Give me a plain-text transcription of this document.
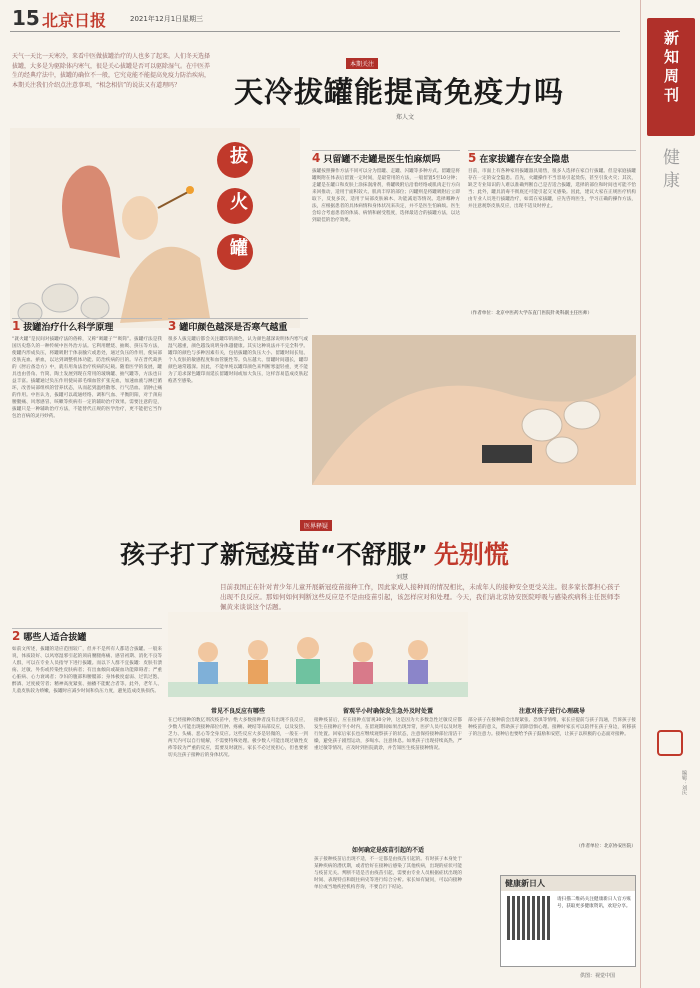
15 北京日报	2021年12月1日 星期三
新知周刊
健康
编辑：刘庆
天气一天比一天寒冷，来看中医做拔罐治疗的人也多了起来。人们冬天选择拔罐，大多是为驱除体内寒气，很是关心拔罐是否可以驱除湿气。在中医养生的经典疗法中，拔罐的确位不一般，它究竟能不能提高免疫力防治疾病，本期关注我们介绍点注意事项，“相念相信”的说法又有道理吗？
本期关注
天冷拔罐能提高免疫力吗
郑人文
拔火罐
1 拔罐治疗什么科学原理
“就火罐”是民间对拔罐疗法的俗称，又称“吸罐子”“吸筒”。拔罐疗法是我国历史悠久的一种传统中医外治方法。它利用燃烧、抽吸、挤压等方法，使罐内形成负压，将罐吸附于体表腧穴或患处，通过负压的作用，使局部皮肤充血、瘀血，以达到调整机体功能、防治疾病的目的。早在晋代葛洪的《肘后备急方》中，就有用角法治疗疾病的记载。随着医学的发展，罐具也由兽角、竹筒、陶土发展到现在常用的玻璃罐、抽气罐等，方法也日益丰富。拔罐通过负压作用使局部毛细血管扩张充血，加速血液与淋巴循环，改善局部组织的营养状态，从而起到温经散寒、行气活血、消肿止痛的作用。中医认为，拔罐可以疏通经络、调和气血、平衡阴阳，对于颈肩腰腿痛、风寒感冒、咳嗽等疾病有一定的辅助治疗效果。需要注意的是，拔罐只是一种辅助治疗方法，不能替代正规的医学治疗，更不能把它当作包治百病的灵丹妙药。
2 哪些人适合拔罐
如前文所述，拔罐的适应范围较广，但并不是所有人都适合拔罐。一般来说，体质较好、以风寒湿邪引起的颈肩腰腿疼痛、感冒初期、消化不良等人群，可以在专业人员指导下进行拔罐。而以下人群不宜拔罐：皮肤有溃疡、过敏、外伤或传染性皮肤病者；有出血倾向或凝血功能障碍者；严重心脏病、心力衰竭者；孕妇的腹部和腰骶部；身体极度虚弱、过饥过饱、醉酒、过度疲劳者；精神高度紧张、抽搐不能配合者等。此外，老年人、儿童皮肤较为娇嫩，拔罐时应减少时间和负压力度，避免造成皮肤损伤。
3 罐印颜色越深是否寒气越重
很多人拔完罐后都会关注罐印的颜色，认为颜色越深说明体内寒气或湿气越重，颜色越浅说明身体越健康。其实这种说法并不完全科学。罐印的颜色与多种因素有关，包括拔罐的负压大小、留罐时间长短、个人皮肤的敏感程度和血管脆性等。负压越大、留罐时间越长，罐印颜色通常越深。因此，不能单纯以罐印颜色来判断寒湿轻重，更不能为了追求深色罐印而延长留罐时间或加大负压，这样容易造成皮肤起疱甚至感染。
4 只留罐不走罐是医生怕麻烦吗
拔罐按照操作方法不同可以分为留罐、走罐、闪罐等多种方式。留罐是将罐吸附在体表后留置一定时间，是最常用的方法，一般留置5至10分钟；走罐是在罐口和皮肤上涂抹润滑剂，将罐吸附后沿着经络或肌肉走行方向来回推动，适用于面积较大、肌肉丰厚的部位；闪罐则是将罐吸附后立即取下，反复多次，适用于局部皮肤麻木、功能减退等情况。选择哪种方法，应根据患者的具体病情和身体状况来决定，并不是医生怕麻烦。医生会综合考虑患者的体质、病情和耐受程度，选择最适合的拔罐方法，以达到最佳的治疗效果。
5 在家拔罐存在安全隐患
目前，市面上有各种家用拔罐器具销售，很多人选择在家自行拔罐。但是家庭拔罐存在一定的安全隐患。首先，火罐操作不当容易引起烫伤，甚至引发火灾；其次，缺乏专业知识的人难以准确判断自己是否适合拔罐，选择的部位和时间也可能不恰当；此外，罐具消毒不彻底还可能引起交叉感染。因此，建议大家在正规医疗机构由专业人员进行拔罐治疗，如需在家拔罐，应先咨询医生，学习正确的操作方法，并注意观察皮肤反应，出现不适及时停止。
（作者单位：北京中医药大学东直门医院针灸科副主任医师）
医界释疑
孩子打了新冠疫苗“不舒服” 先别慌
刘慧
目前我国正在针对青少年儿童开展新冠疫苗接种工作，因此家成人接种间的情况相比，未成年人的接种安全更受关注。很多家长都担心孩子出现不良反应。那如何如何判断这些反应是不是由疫苗引起，该怎样应对和处理。今天，我们请北京协安医院呼吸与感染疾病科主任医师李佩黄来谈谈这个话题。
常见不良反应有哪些
在已经接种的数亿剂次疫苗中，绝大多数接种者没有出现不良反应，少数人可能出现接种部位红肿、疼痛、硬结等局部反应，以及发热、乏力、头痛、恶心等全身反应。这些反应大多是轻微的，一般在一到两天内可以自行缓解，不需要特殊处理。极少数人可能出现过敏性皮疹等较为严重的反应，需要及时就医。家长不必过度担心，但也要密切关注孩子接种后的身体状况。
留观半小时确保发生急外及时处置
接种疫苗后，应在接种点留观30分钟，这是因为大多数急性过敏反应都发生在接种后半小时内，在留观期间如果出现异常，医护人员可以及时进行处置。回家后家长也应继续观察孩子的状态，注意保持接种部位清洁干燥，避免孩子剧烈运动，多喝水、注意休息。如果孩子出现持续高热、严重过敏等情况，应及时到医院就诊，并告知医生疫苗接种情况。
如何确定是疫苗引起的不适
孩子接种疫苗后出现不适，不一定都是由疫苗引起的。有时孩子本身处于某种疾病的潜伏期，或者恰好在接种后感染了其他疾病，出现的症状可能与疫苗无关。判断不适是否由疫苗引起，需要由专业人员根据症状出现的时间、表现特点和既往病史等进行综合分析。家长如有疑问，可以向接种单位或当地疾控机构咨询，不要自行下结论。
注意对孩子进行心理疏导
部分孩子在接种前会出现紧张、恐惧等情绪，家长应提前与孩子沟通，告诉孩子接种疫苗的意义，帮助孩子消除恐惧心理。接种时家长可以陪伴在孩子身边，转移孩子的注意力。接种后也要给予孩子鼓励和安慰，让孩子以积极的心态面对接种。
（作者单位：北京协安医院）
健康新日人
请扫描二维码关注健康新日人官方账号，获取更多健康资讯，欢迎分享。
供图：视觉中国
